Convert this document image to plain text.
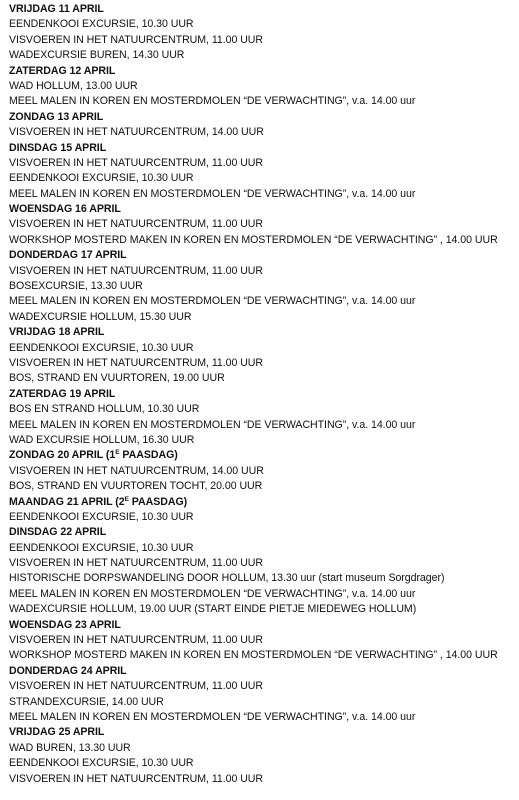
VRIJDAG 11 APRIL
EENDENKOOI EXCURSIE, 10.30 UUR
VISVOEREN IN HET NATUURCENTRUM, 11.00 UUR
WADEXCURSIE BUREN, 14.30 UUR
ZATERDAG 12 APRIL
WAD HOLLUM, 13.00 UUR
MEEL MALEN IN KOREN EN MOSTERDMOLEN “DE VERWACHTING”, v.a. 14.00 uur
ZONDAG 13 APRIL
VISVOEREN IN HET NATUURCENTRUM, 14.00 UUR
DINSDAG 15 APRIL
VISVOEREN IN HET NATUURCENTRUM, 11.00 UUR
EENDENKOOI EXCURSIE, 10.30 UUR
MEEL MALEN IN KOREN EN MOSTERDMOLEN “DE VERWACHTING”, v.a. 14.00 uur
WOENSDAG 16 APRIL
VISVOEREN IN HET NATUURCENTRUM, 11.00 UUR
WORKSHOP MOSTERD MAKEN IN KOREN EN MOSTERDMOLEN “DE VERWACHTING” , 14.00 UUR
DONDERDAG 17 APRIL
VISVOEREN IN HET NATUURCENTRUM, 11.00 UUR
BOSEXCURSIE, 13.30 UUR
MEEL MALEN IN KOREN EN MOSTERDMOLEN “DE VERWACHTING”, v.a. 14.00 uur
WADEXCURSIE HOLLUM, 15.30 UUR
VRIJDAG 18 APRIL
EENDENKOOI EXCURSIE, 10.30 UUR
VISVOEREN IN HET NATUURCENTRUM, 11.00 UUR
BOS, STRAND EN VUURTOREN, 19.00 UUR
ZATERDAG 19 APRIL
BOS EN STRAND HOLLUM, 10.30 UUR
MEEL MALEN IN KOREN EN MOSTERDMOLEN “DE VERWACHTING”, v.a. 14.00 uur
WAD EXCURSIE HOLLUM, 16.30 UUR
ZONDAG 20 APRIL ($1^E$ PAASDAG)
VISVOEREN IN HET NATUURCENTRUM, 14.00 UUR
BOS, STRAND EN VUURTOREN TOCHT, 20.00 UUR
MAANDAG 21 APRIL ($2^E$ PAASDAG)
EENDENKOOI EXCURSIE, 10.30 UUR
DINSDAG 22 APRIL
EENDENKOOI EXCURSIE, 10.30 UUR
VISVOEREN IN HET NATUURCENTRUM, 11.00 UUR
HISTORISCHE DORPSWANDELING DOOR HOLLUM, 13.30 uur (start museum Sorgdrager)
MEEL MALEN IN KOREN EN MOSTERDMOLEN “DE VERWACHTING”, v.a. 14.00 uur
WADEXCURSIE HOLLUM, 19.00 UUR (START EINDE PIETJE MIEDEWEG HOLLUM)
WOENSDAG 23 APRIL
VISVOEREN IN HET NATUURCENTRUM, 11.00 UUR
WORKSHOP MOSTERD MAKEN IN KOREN EN MOSTERDMOLEN “DE VERWACHTING” , 14.00 UUR
DONDERDAG 24 APRIL
VISVOEREN IN HET NATUURCENTRUM, 11.00 UUR
STRANDEXCURSIE, 14.00 UUR
MEEL MALEN IN KOREN EN MOSTERDMOLEN “DE VERWACHTING”, v.a. 14.00 uur
VRIJDAG 25 APRIL
WAD BUREN, 13.30 UUR
EENDENKOOI EXCURSIE, 10.30 UUR
VISVOEREN IN HET NATUURCENTRUM, 11.00 UUR
